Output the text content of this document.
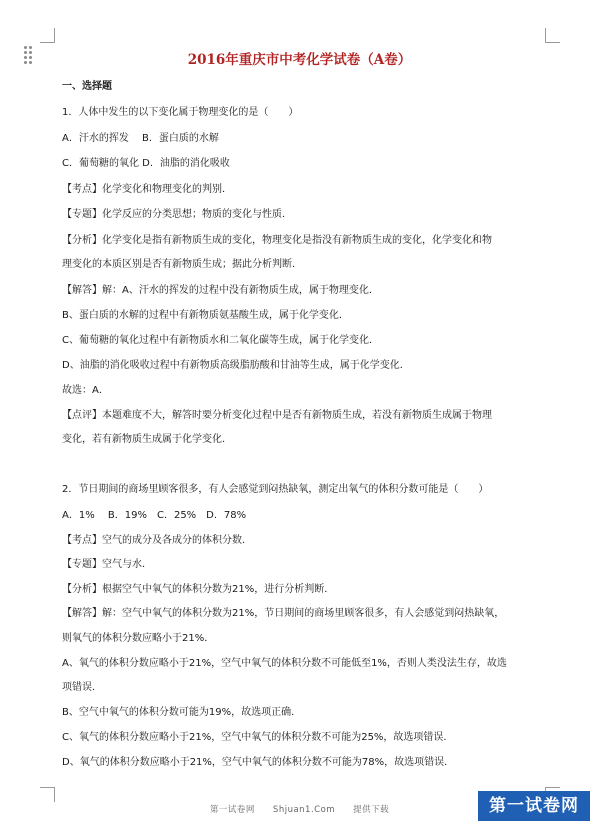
2016年重庆市中考化学试卷（A卷）
一、选择题
1．人体中发生的以下变化属于物理变化的是（　　）
A．汗水的挥发　 B．蛋白质的水解
C．葡萄糖的氧化 D．油脂的消化吸收
【考点】化学变化和物理变化的判别．
【专题】化学反应的分类思想；物质的变化与性质．
【分析】化学变化是指有新物质生成的变化，物理变化是指没有新物质生成的变化，化学变化和物
理变化的本质区别是否有新物质生成；据此分析判断．
【解答】解：A、汗水的挥发的过程中没有新物质生成，属于物理变化．
B、蛋白质的水解的过程中有新物质氨基酸生成，属于化学变化．
C、葡萄糖的氧化过程中有新物质水和二氧化碳等生成，属于化学变化．
D、油脂的消化吸收过程中有新物质高级脂肪酸和甘油等生成，属于化学变化．
故选：A．
【点评】本题难度不大，解答时要分析变化过程中是否有新物质生成，若没有新物质生成属于物理
变化，若有新物质生成属于化学变化．
2．节日期间的商场里顾客很多，有人会感觉到闷热缺氧，测定出氧气的体积分数可能是（　　）
A．1%　 B．19%　C．25%　D．78%
【考点】空气的成分及各成分的体积分数．
【专题】空气与水．
【分析】根据空气中氧气的体积分数为21%，进行分析判断．
【解答】解：空气中氧气的体积分数为21%，节日期间的商场里顾客很多，有人会感觉到闷热缺氧，
则氧气的体积分数应略小于21%．
A、氧气的体积分数应略小于21%，空气中氧气的体积分数不可能低至1%，否则人类没法生存，故选
项错误．
B、空气中氧气的体积分数可能为19%，故选项正确．
C、氧气的体积分数应略小于21%，空气中氧气的体积分数不可能为25%，故选项错误．
D、氧气的体积分数应略小于21%，空气中氧气的体积分数不可能为78%，故选项错误．
第一试卷网　　Shjuan1.Com　　提供下载	第一试卷网
